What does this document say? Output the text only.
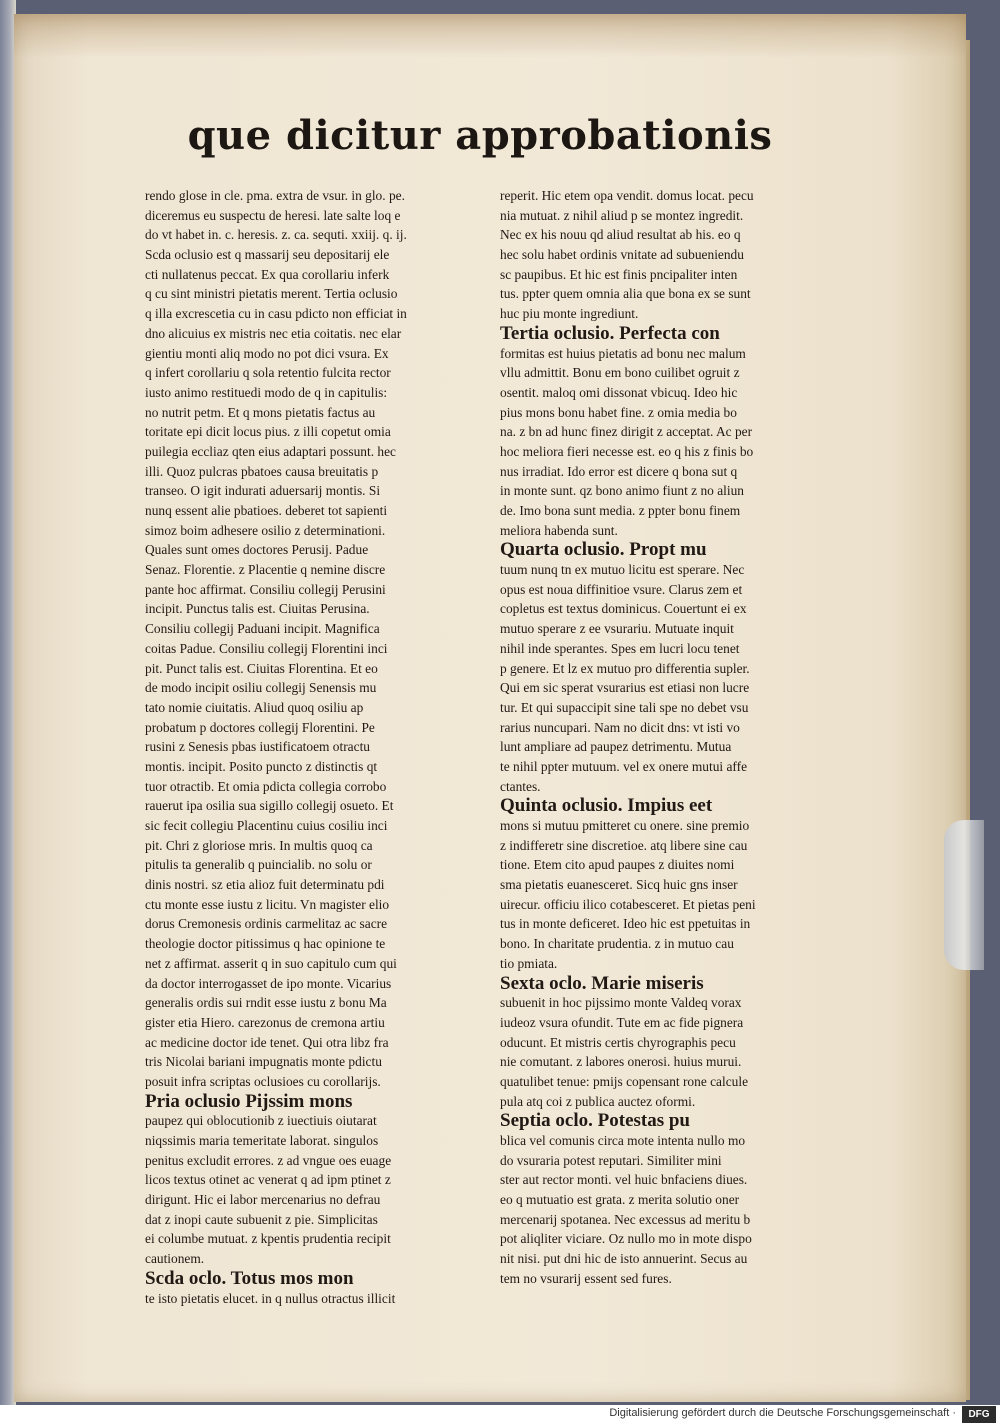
que dicitur approbationis
rendo glose in cle. pma. extra de vsur. in glo. pe.
diceremus eu suspectu de heresi. late salte loq e
do vt habet in. c. heresis. z. ca. sequti. xxiij. q. ij.
Scda oclusio est q massarij seu depositarij ele
cti nullatenus peccat. Ex qua corollariu inferk
q cu sint ministri pietatis merent. Tertia oclusio
q illa excrescetia cu in casu pdicto non efficiat in
dno alicuius ex mistris nec etia coitatis. nec elar
gientiu monti aliq modo no pot dici vsura. Ex
q infert corollariu q sola retentio fulcita rector
iusto animo restituedi modo de q in capitulis:
no nutrit petm. Et q mons pietatis factus au
toritate epi dicit locus pius. z illi copetut omia
puilegia eccliaz qten eius adaptari possunt. hec
illi. Quoz pulcras pbatoes causa breuitatis p
transeo. O igit indurati aduersarij montis. Si
nunq essent alie pbatioes. deberet tot sapienti
simoz boim adhesere osilio z determinationi.
Quales sunt omes doctores Perusij. Padue
Senaz. Florentie. z Placentie q nemine discre
pante hoc affirmat. Consiliu collegij Perusini
incipit. Punctus talis est. Ciuitas Perusina.
Consiliu collegij Paduani incipit. Magnifica
coitas Padue. Consiliu collegij Florentini inci
pit. Punct talis est. Ciuitas Florentina. Et eo
de modo incipit osiliu collegij Senensis mu
tato nomie ciuitatis. Aliud quoq osiliu ap
probatum p doctores collegij Florentini. Pe
rusini z Senesis pbas iustificatoem otractu
montis. incipit. Posito puncto z distinctis qt
tuor otractib. Et omia pdicta collegia corrobo
rauerut ipa osilia sua sigillo collegij osueto. Et
sic fecit collegiu Placentinu cuius cosiliu inci
pit. Chri z gloriose mris. In multis quoq ca
pitulis ta generalib q puincialib. no solu or
dinis nostri. sz etia alioz fuit determinatu pdi
ctu monte esse iustu z licitu. Vn magister elio
dorus Cremonesis ordinis carmelitaz ac sacre
theologie doctor pitissimus q hac opinione te
net z affirmat. asserit q in suo capitulo cum qui
da doctor interrogasset de ipo monte. Vicarius
generalis ordis sui rndit esse iustu z bonu Ma
gister etia Hiero. carezonus de cremona artiu
ac medicine doctor ide tenet. Qui otra libz fra
tris Nicolai bariani impugnatis monte pdictu
posuit infra scriptas oclusioes cu corollarijs.
Pria oclusio Pijssim mons
paupez qui oblocutionib z iuectiuis oiutarat
niqssimis maria temeritate laborat. singulos
penitus excludit errores. z ad vngue oes euage
licos textus otinet ac venerat q ad ipm ptinet z
dirigunt. Hic ei labor mercenarius no defrau
dat z inopi caute subuenit z pie. Simplicitas
ei columbe mutuat. z kpentis prudentia recipit
cautionem.
Scda oclo. Totus mos mon
te isto pietatis elucet. in q nullus otractus illicit
reperit. Hic etem opa vendit. domus locat. pecu
nia mutuat. z nihil aliud p se montez ingredit.
Nec ex his nouu qd aliud resultat ab his. eo q
hec solu habet ordinis vnitate ad subueniendu
sc paupibus. Et hic est finis pncipaliter inten
tus. ppter quem omnia alia que bona ex se sunt
huc piu monte ingrediunt.
Tertia oclusio. Perfecta con
formitas est huius pietatis ad bonu nec malum
vllu admittit. Bonu em bono cuilibet ogruit z
osentit. maloq omi dissonat vbicuq. Ideo hic
pius mons bonu habet fine. z omia media bo
na. z bn ad hunc finez dirigit z acceptat. Ac per
hoc meliora fieri necesse est. eo q his z finis bo
nus irradiat. Ido error est dicere q bona sut q
in monte sunt. qz bono animo fiunt z no aliun
de. Imo bona sunt media. z ppter bonu finem
meliora habenda sunt.
Quarta oclusio. Propt mu
tuum nunq tn ex mutuo licitu est sperare. Nec
opus est noua diffinitioe vsure. Clarus zem et
copletus est textus dominicus. Couertunt ei ex
mutuo sperare z ee vsurariu. Mutuate inquit
nihil inde sperantes. Spes em lucri locu tenet
p genere. Et lz ex mutuo pro differentia supler.
Qui em sic sperat vsurarius est etiasi non lucre
tur. Et qui supaccipit sine tali spe no debet vsu
rarius nuncupari. Nam no dicit dns: vt isti vo
lunt ampliare ad paupez detrimentu. Mutua
te nihil ppter mutuum. vel ex onere mutui affe
ctantes.
Quinta oclusio. Impius eet
mons si mutuu pmitteret cu onere. sine premio
z indifferetr sine discretioe. atq libere sine cau
tione. Etem cito apud paupes z diuites nomi
sma pietatis euanesceret. Sicq huic gns inser
uirecur. officiu ilico cotabesceret. Et pietas peni
tus in monte deficeret. Ideo hic est ppetuitas in
bono. In charitate prudentia. z in mutuo cau
tio pmiata.
Sexta oclo. Marie miseris
subuenit in hoc pijssimo monte Valdeq vorax
iudeoz vsura ofundit. Tute em ac fide pignera
oducunt. Et mistris certis chyrographis pecu
nie comutant. z labores onerosi. huius murui.
quatulibet tenue: pmijs copensant rone calcule
pula atq coi z publica auctez oformi.
Septia oclo. Potestas pu
blica vel comunis circa mote intenta nullo mo
do vsuraria potest reputari. Similiter mini
ster aut rector monti. vel huic bnfaciens diues.
eo q mutuatio est grata. z merita solutio oner
mercenarij spotanea. Nec excessus ad meritu b
pot aliqliter viciare. Oz nullo mo in mote dispo
nit nisi. put dni hic de isto annuerint. Secus au
tem no vsurarij essent sed fures.
Digitalisierung gefördert durch die Deutsche Forschungsgemeinschaft ·	DFG
